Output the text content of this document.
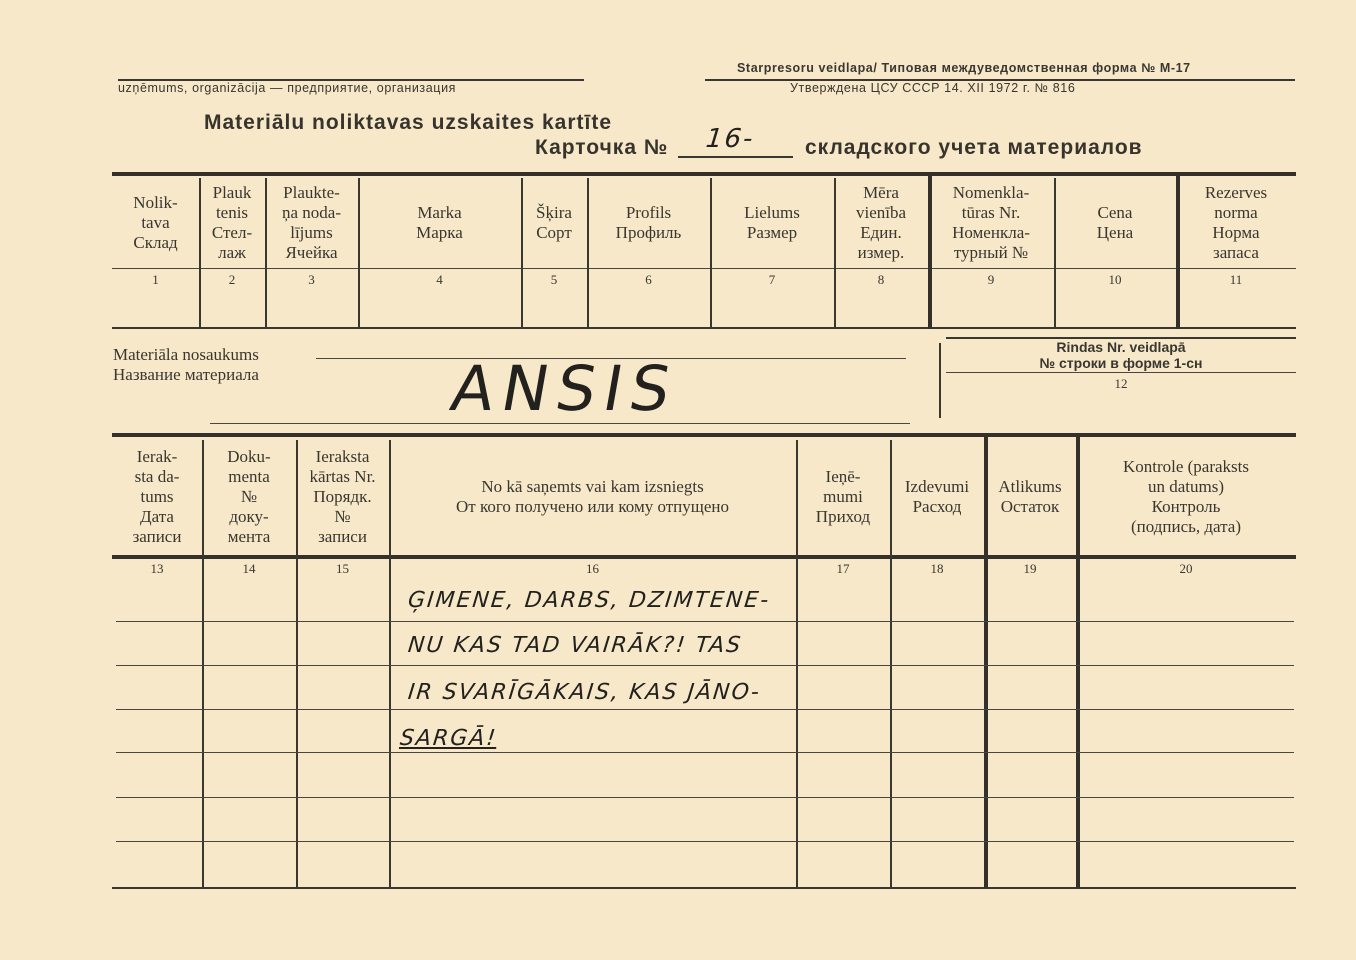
uzņēmums, organizācija — предприятие, организация
Starpresoru veidlapa/ Типовая междуведомственная форма № M-17
Утверждена ЦСУ СССР 14. XII 1972 г. № 816
Materiālu noliktavas uzskaites kartīte
Карточка № 16- складского учета материалов
Nolik-
tava
Склад
1
Plauk
tenis
Стел-
лаж
2
Plaukte-
ņa noda-
lījums
Ячейка
3
Marka
Марка
4
Šķira
Сорт
5
Profils
Профиль
6
Lielums
Размер
7
Mēra
vienība
Един.
измер.
8
Nomenkla-
tūras Nr.
Номенкла-
турный №
9
Cena
Цена
10
Rezerves
norma
Норма
запаса
11
Materiāla nosaukums
Название материала	ANSIS
Rindas Nr. veidlapā
№ строки в форме 1-сн
12
Ierak-
sta da-
tums
Дата
записи
13
Doku-
menta
№
доку-
мента
14
Ieraksta
kārtas Nr.
Порядк.
№
записи
15
No kā saņemts vai kam izsniegts
От кого получено или кому отпущено
16
Ieņē-
mumi
Приход
17
Izdevumi
Расход
18
Atlikums
Остаток
19
Kontrole (paraksts
un datums)
Контроль
(подпись, дата)
20
ĢIMENE, DARBS, DZIMTENE-
NU KAS TAD VAIRĀK?! TAS
IR SVARĪGĀKAIS, KAS JĀNO-
SARGĀ!
